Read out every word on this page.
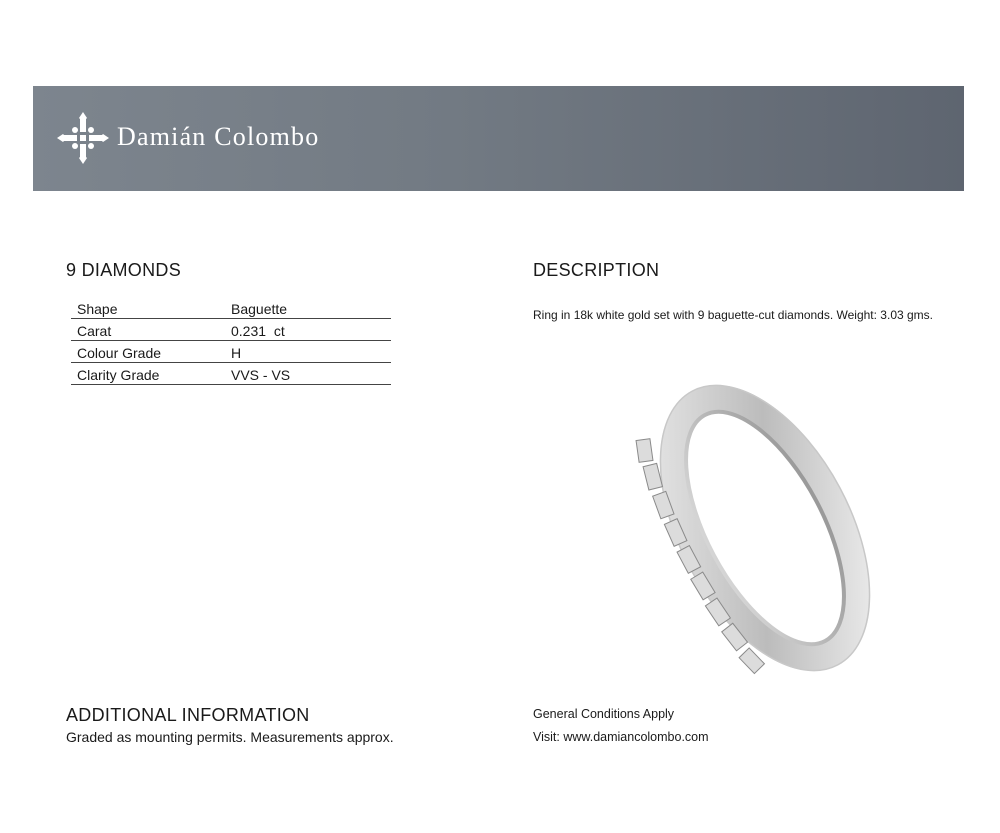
Damián Colombo
9 DIAMONDS
Shape	Baguette
Carat	0.231  ct
Colour Grade	H
Clarity Grade	VVS - VS
DESCRIPTION
Ring in 18k white gold set with 9 baguette-cut diamonds. Weight: 3.03 gms.
ADDITIONAL INFORMATION
Graded as mounting permits. Measurements approx.
General Conditions Apply
Visit: www.damiancolombo.com
